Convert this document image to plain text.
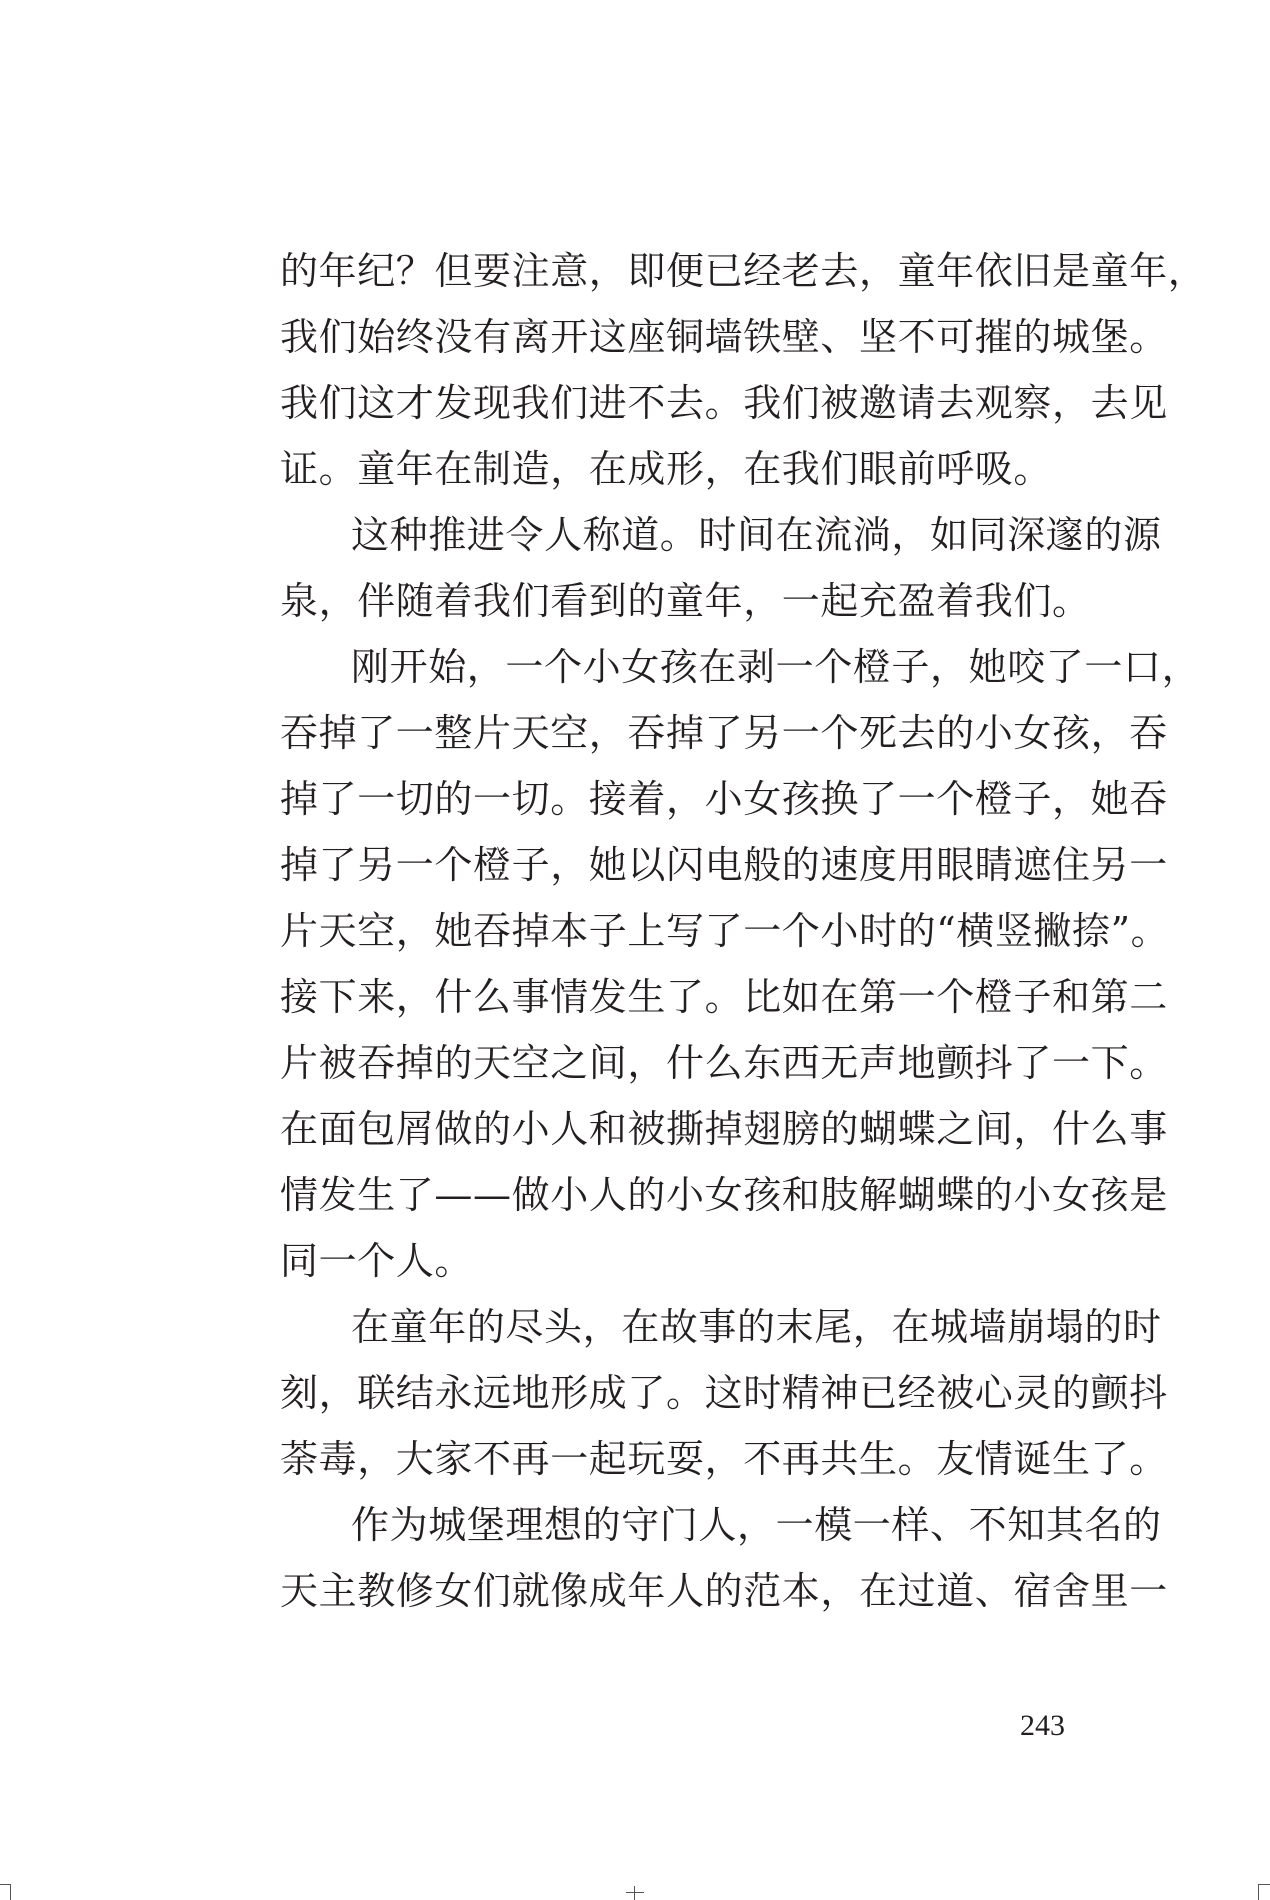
的年纪？但要注意，即便已经老去，童年依旧是童年，
我们始终没有离开这座铜墙铁壁、坚不可摧的城堡。
我们这才发现我们进不去。我们被邀请去观察，去见
证。童年在制造，在成形，在我们眼前呼吸。
这种推进令人称道。时间在流淌，如同深邃的源
泉，伴随着我们看到的童年，一起充盈着我们。
刚开始，一个小女孩在剥一个橙子，她咬了一口，
吞掉了一整片天空，吞掉了另一个死去的小女孩，吞
掉了一切的一切。接着，小女孩换了一个橙子，她吞
掉了另一个橙子，她以闪电般的速度用眼睛遮住另一
片天空，她吞掉本子上写了一个小时的“横竖撇捺”。
接下来，什么事情发生了。比如在第一个橙子和第二
片被吞掉的天空之间，什么东西无声地颤抖了一下。
在面包屑做的小人和被撕掉翅膀的蝴蝶之间，什么事
情发生了——做小人的小女孩和肢解蝴蝶的小女孩是
同一个人。
在童年的尽头，在故事的末尾，在城墙崩塌的时
刻，联结永远地形成了。这时精神已经被心灵的颤抖
荼毒，大家不再一起玩耍，不再共生。友情诞生了。
作为城堡理想的守门人，一模一样、不知其名的
天主教修女们就像成年人的范本，在过道、宿舍里一
243
